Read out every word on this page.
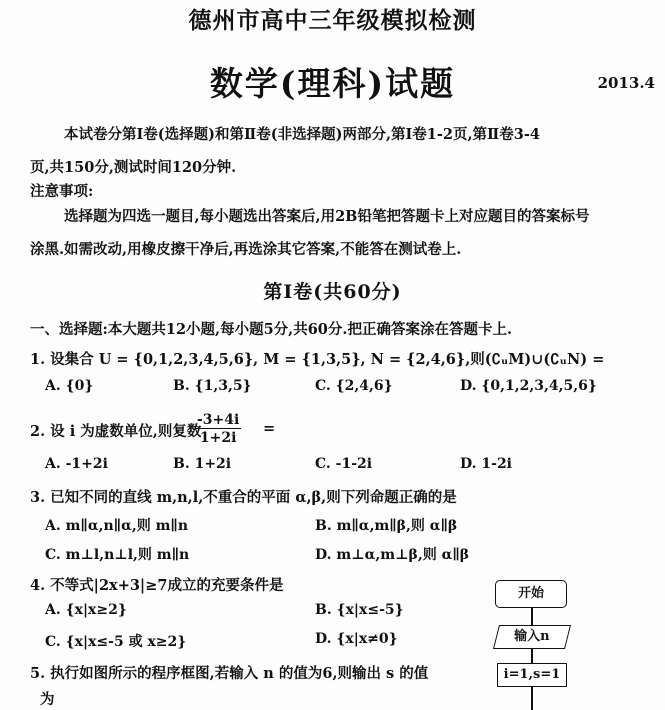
德州市高中三年级模拟检测
数学(理科)试题	2013.4
本试卷分第Ⅰ卷(选择题)和第Ⅱ卷(非选择题)两部分,第Ⅰ卷1-2页,第Ⅱ卷3-4
页,共150分,测试时间120分钟.
注意事项:
选择题为四选一题目,每小题选出答案后,用2B铅笔把答题卡上对应题目的答案标号
涂黑.如需改动,用橡皮擦干净后,再选涂其它答案,不能答在测试卷上.
第Ⅰ卷(共60分)
一、选择题:本大题共12小题,每小题5分,共60分.把正确答案涂在答题卡上.
1. 设集合 U = {0,1,2,3,4,5,6}, M = {1,3,5}, N = {2,4,6},则(∁ᵤM)∪(∁ᵤN) =
A. {0}	B. {1,3,5}	C. {2,4,6}	D. {0,1,2,3,4,5,6}
2. 设 i 为虚数单位,则复数
$\frac{-3+4i}{1+2i}$ =
A. -1+2i	B. 1+2i	C. -1-2i	D. 1-2i
3. 已知不同的直线 m,n,l,不重合的平面 α,β,则下列命题正确的是
A. m∥α,n∥α,则 m∥n	B. m∥α,m∥β,则 α∥β
C. m⊥l,n⊥l,则 m∥n	D. m⊥α,m⊥β,则 α∥β
4. 不等式|2x+3|≥7成立的充要条件是
A. {x|x≥2}	B. {x|x≤-5}
C. {x|x≤-5 或 x≥2}	D. {x|x≠0}
5. 执行如图所示的程序框图,若输入 n 的值为6,则输出 s 的值
为
开始
输入n
i=1,s=1
